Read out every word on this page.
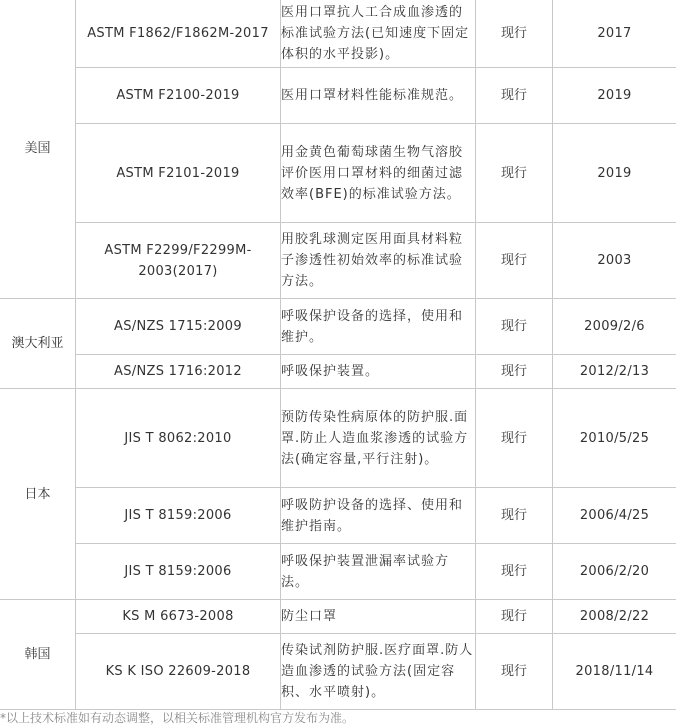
美国	ASTM F1862/F1862M-2017	医用口罩抗人工合成血渗透的标准试验方法(已知速度下固定体积的水平投影)。	现行	2017
	ASTM F2100-2019	医用口罩材料性能标准规范。	现行	2019
	ASTM F2101-2019	用金黄色葡萄球菌生物气溶胶评价医用口罩材料的细菌过滤效率(BFE)的标准试验方法。	现行	2019
	ASTM F2299/F2299M-2003(2017)	用胶乳球测定医用面具材料粒子渗透性初始效率的标准试验方法。	现行	2003
澳大利亚	AS/NZS 1715:2009	呼吸保护设备的选择，使用和维护。	现行	2009/2/6
	AS/NZS 1716:2012	呼吸保护装置。	现行	2012/2/13
日本	JIS T 8062:2010	预防传染性病原体的防护服.面罩.防止人造血浆渗透的试验方法(确定容量,平行注射)。	现行	2010/5/25
	JIS T 8159:2006	呼吸防护设备的选择、使用和维护指南。	现行	2006/4/25
	JIS T 8159:2006	呼吸保护装置泄漏率试验方法。	现行	2006/2/20
韩国	KS M 6673-2008	防尘口罩	现行	2008/2/22
	KS K ISO 22609-2018	传染试剂防护服.医疗面罩.防人造血渗透的试验方法(固定容积、水平喷射)。	现行	2018/11/14
*以上技术标准如有动态调整，以相关标准管理机构官方发布为准。
